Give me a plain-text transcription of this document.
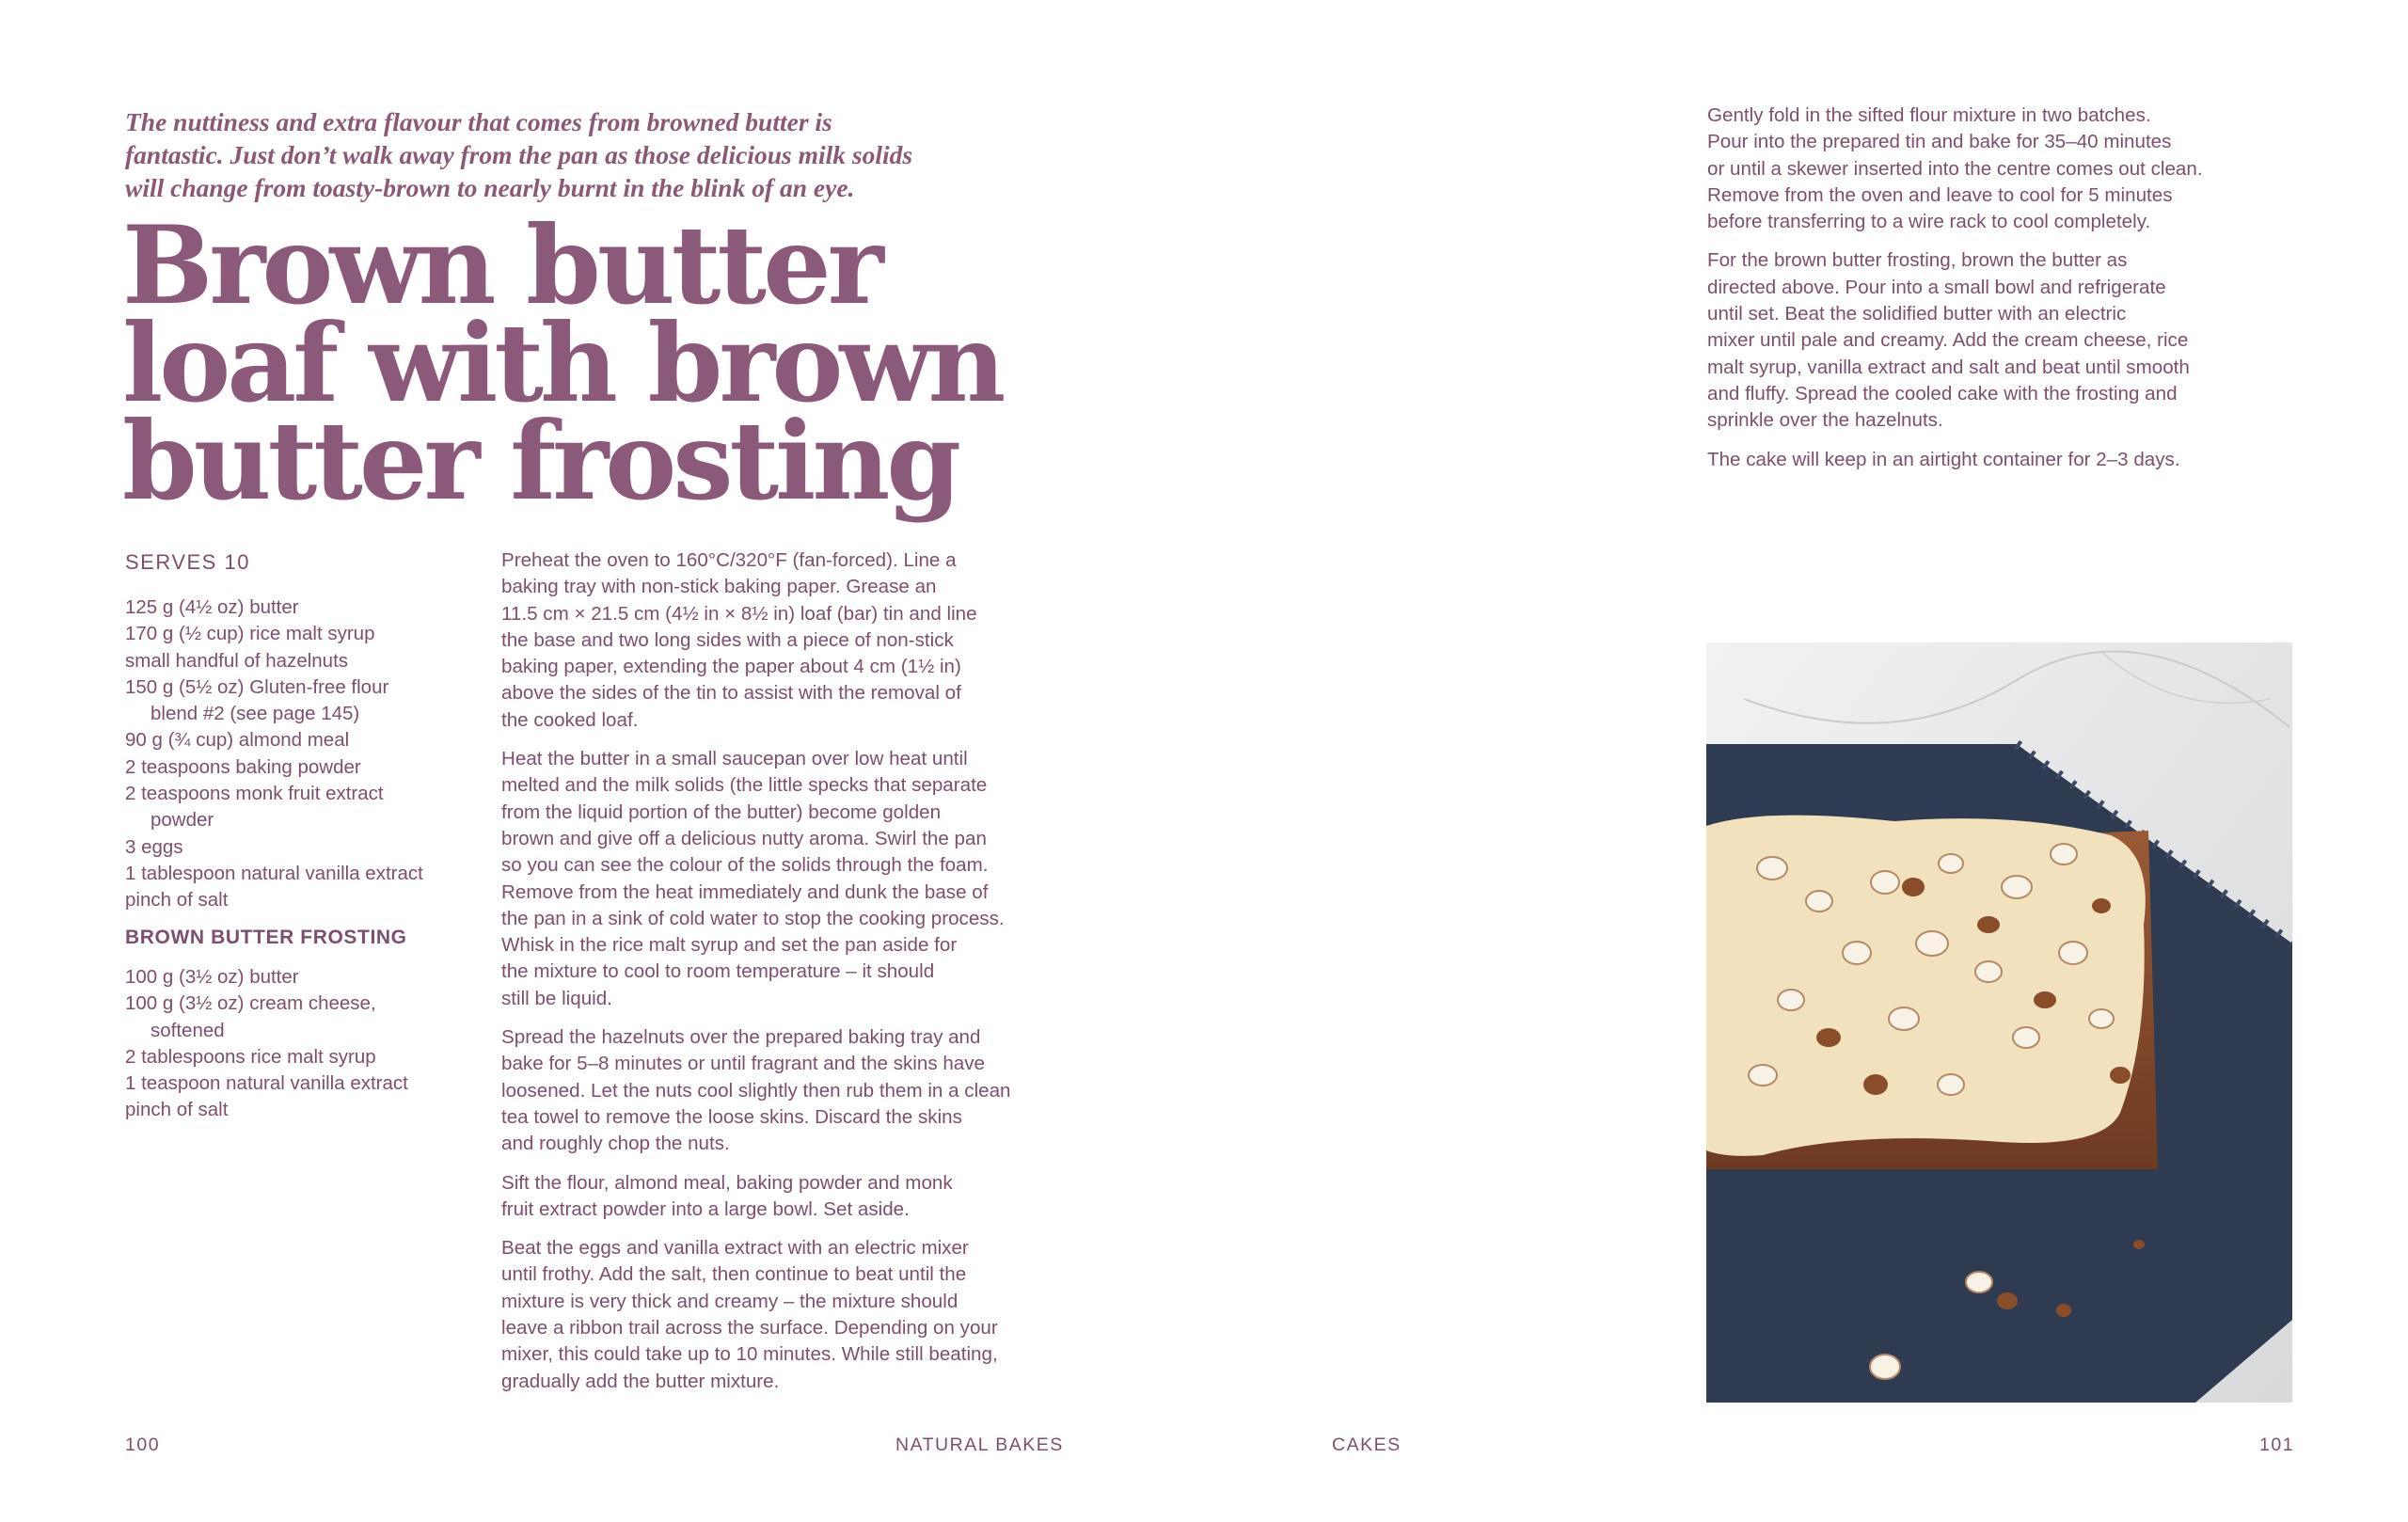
The nuttiness and extra flavour that comes from browned butter is
fantastic. Just don’t walk away from the pan as those delicious milk solids
will change from toasty-brown to nearly burnt in the blink of an eye.

Brown butter
loaf with brown
butter frosting

SERVES 10

125 g (4½ oz) butter
170 g (½ cup) rice malt syrup
small handful of hazelnuts
150 g (5½ oz) Gluten-free flour
blend #2 (see page 145)
90 g (¾ cup) almond meal
2 teaspoons baking powder
2 teaspoons monk fruit extract
powder
3 eggs
1 tablespoon natural vanilla extract
pinch of salt

BROWN BUTTER FROSTING

100 g (3½ oz) butter
100 g (3½ oz) cream cheese,
softened
2 tablespoons rice malt syrup
1 teaspoon natural vanilla extract
pinch of salt

Preheat the oven to 160°C/320°F (fan-forced). Line a
baking tray with non-stick baking paper. Grease an
11.5 cm × 21.5 cm (4½ in × 8½ in) loaf (bar) tin and line
the base and two long sides with a piece of non-stick
baking paper, extending the paper about 4 cm (1½ in)
above the sides of the tin to assist with the removal of
the cooked loaf.

Heat the butter in a small saucepan over low heat until
melted and the milk solids (the little specks that separate
from the liquid portion of the butter) become golden
brown and give off a delicious nutty aroma. Swirl the pan
so you can see the colour of the solids through the foam.
Remove from the heat immediately and dunk the base of
the pan in a sink of cold water to stop the cooking process.
Whisk in the rice malt syrup and set the pan aside for
the mixture to cool to room temperature – it should
still be liquid.

Spread the hazelnuts over the prepared baking tray and
bake for 5–8 minutes or until fragrant and the skins have
loosened. Let the nuts cool slightly then rub them in a clean
tea towel to remove the loose skins. Discard the skins
and roughly chop the nuts.

Sift the flour, almond meal, baking powder and monk
fruit extract powder into a large bowl. Set aside.

Beat the eggs and vanilla extract with an electric mixer
until frothy. Add the salt, then continue to beat until the
mixture is very thick and creamy – the mixture should
leave a ribbon trail across the surface. Depending on your
mixer, this could take up to 10 minutes. While still beating,
gradually add the butter mixture.

100	NATURAL BAKES

Gently fold in the sifted flour mixture in two batches.
Pour into the prepared tin and bake for 35–40 minutes
or until a skewer inserted into the centre comes out clean.
Remove from the oven and leave to cool for 5 minutes
before transferring to a wire rack to cool completely.

For the brown butter frosting, brown the butter as
directed above. Pour into a small bowl and refrigerate
until set. Beat the solidified butter with an electric
mixer until pale and creamy. Add the cream cheese, rice
malt syrup, vanilla extract and salt and beat until smooth
and fluffy. Spread the cooled cake with the frosting and
sprinkle over the hazelnuts.

The cake will keep in an airtight container for 2–3 days.

CAKES	101
